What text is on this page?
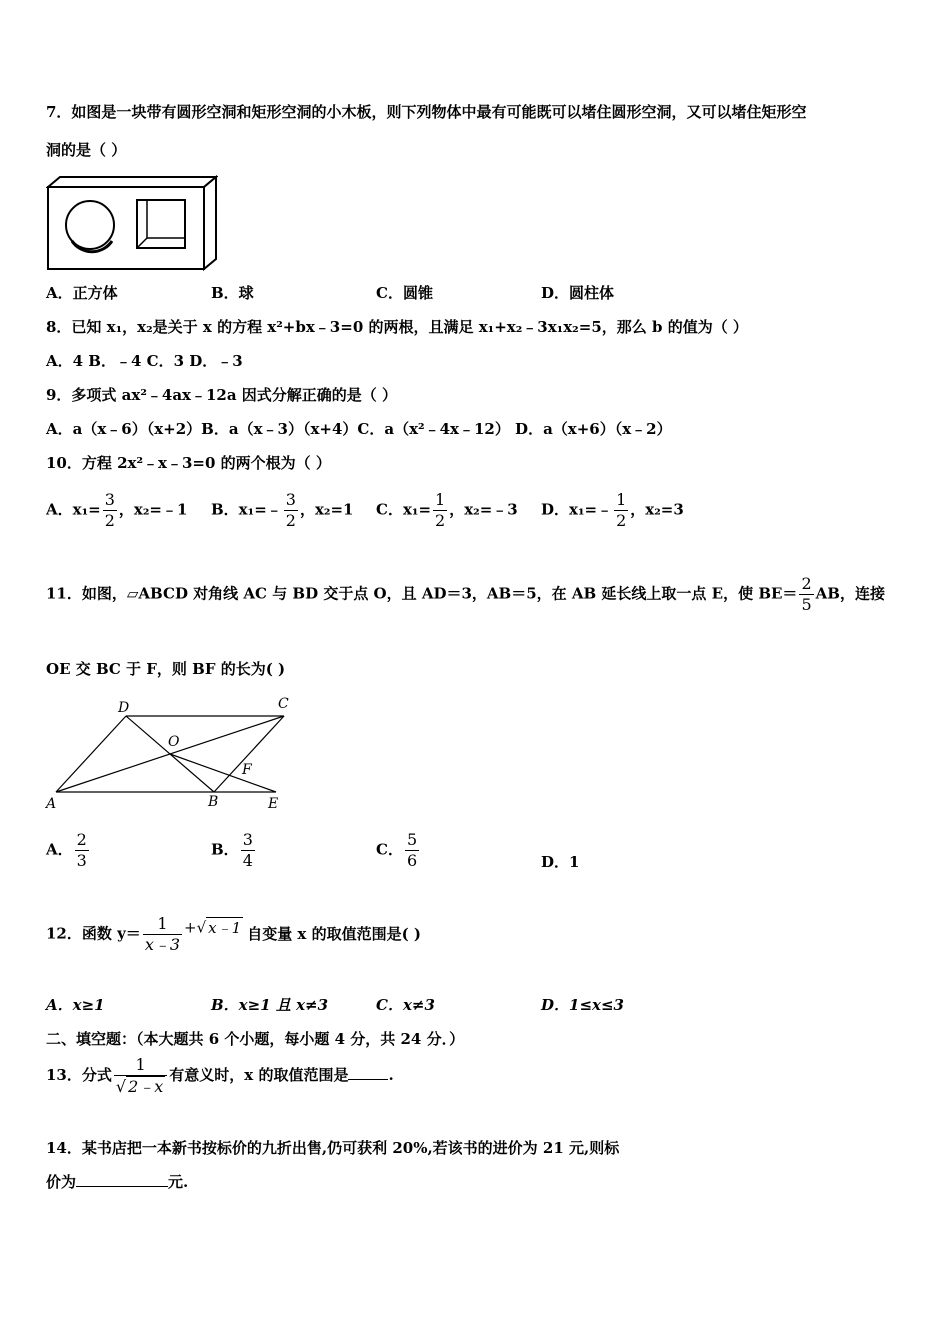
7．如图是一块带有圆形空洞和矩形空洞的小木板，则下列物体中最有可能既可以堵住圆形空洞，又可以堵住矩形空
洞的是（ ）
A．正方体	B．球	C．圆锥	D．圆柱体
8．已知 x₁，x₂是关于 x 的方程 x²+bx﹣3=0 的两根，且满足 x₁+x₂﹣3x₁x₂=5，那么 b 的值为（ ）
A．4 B．﹣4 C．3 D．﹣3
9．多项式 ax²﹣4ax﹣12a 因式分解正确的是（ ）
A．a（x﹣6）（x+2）B．a（x﹣3）（x+4）C．a（x²﹣4x﹣12） D．a（x+6）（x﹣2）
10．方程 2x²﹣x﹣3=0 的两个根为（ ）
A．$x_1= \frac{3}{2}$ ，x₂=﹣1 B．x₁=﹣ $\frac{3}{2}$ ，x₂=1 C．$x_1= \frac{1}{2}$ ，x₂=﹣3 D．x₁=﹣ $\frac{1}{2}$ ，x₂=3
11．如图，▱ABCD 对角线 AC 与 BD 交于点 O，且 AD＝3，AB＝5，在 AB 延长线上取一点 E，使 $BE= \frac{2}{5}$ AB，连接
OE 交 BC 于 F，则 BF 的长为( )
D	C
O
F
A	B	E
A． $\frac{2}{3}$	B． $\frac{3}{4}$	C． $\frac{5}{6}$	D．1
12．函数 $y= \frac{1}{x﹣3}$ +√ x﹣1 自变量 x 的取值范围是( )
A．x≥1	B．x≥1 且 x≠3	C．x≠3	D．1≤x≤3
二、填空题：（本大题共 6 个小题，每小题 4 分，共 24 分．）
13．分式 $\frac{1}{√ 2﹣x}$ 有意义时，x 的取值范围是	.
14．某书店把一本新书按标价的九折出售,仍可获利 20%,若该书的进价为 21 元,则标
价为	元.
